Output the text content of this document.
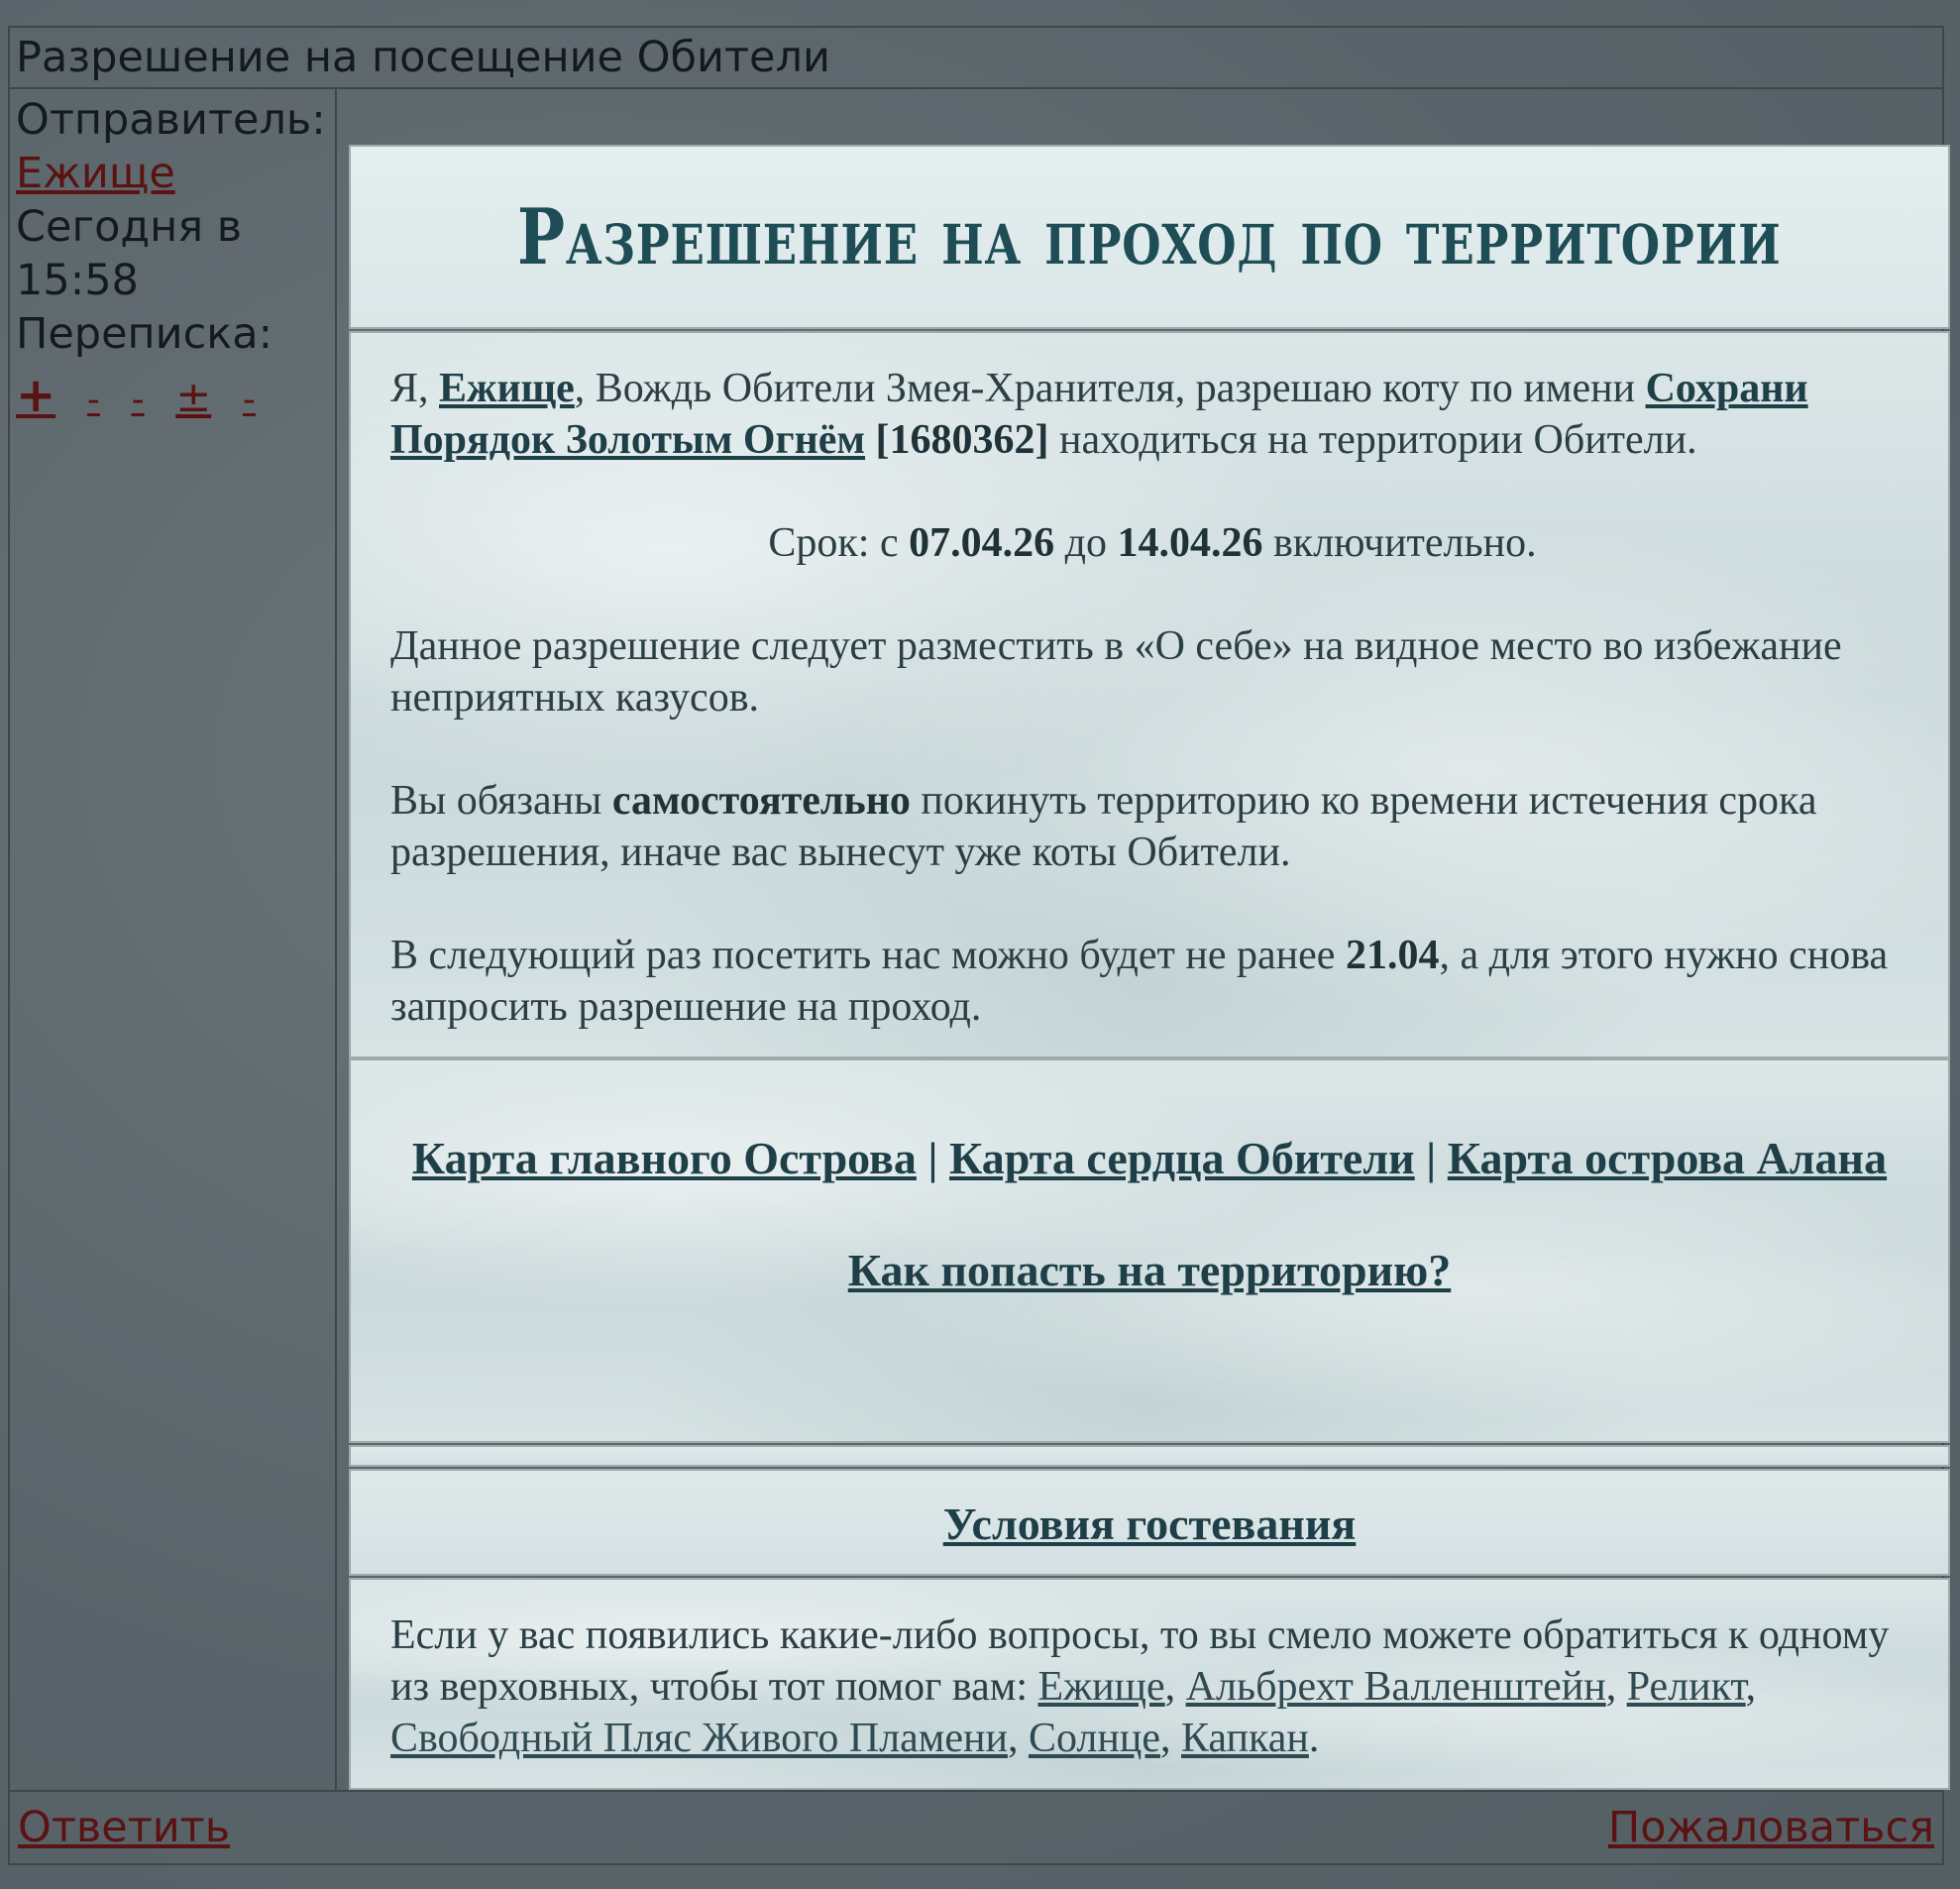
Разрешение на посещение Обители
Отправитель:
Ежище
Сегодня в
15:58
Переписка:
+ - - ± -
Разрешение на проход по территории

Я, Ежище, Вождь Обители Змея-Хранителя, разрешаю коту по имени Сохрани Порядок Золотым Огнём [1680362] находиться на территории Обители.

Срок: с 07.04.26 до 14.04.26 включительно.

Данное разрешение следует разместить в «О себе» на видное место во избежание неприятных казусов.

Вы обязаны самостоятельно покинуть территорию ко времени истечения срока разрешения, иначе вас вынесут уже коты Обители.

В следующий раз посетить нас можно будет не ранее 21.04, а для этого нужно снова запросить разрешение на проход.

Карта главного Острова | Карта сердца Обители | Карта острова Алана
Как попасть на территорию?
Условия гостевания
Если у вас появились какие-либо вопросы, то вы смело можете обратиться к одному из верховных, чтобы тот помог вам: Ежище, Альбрехт Валленштейн, Реликт, Свободный Пляс Живого Пламени, Солнце, Капкан.
Ответить	Пожаловаться
